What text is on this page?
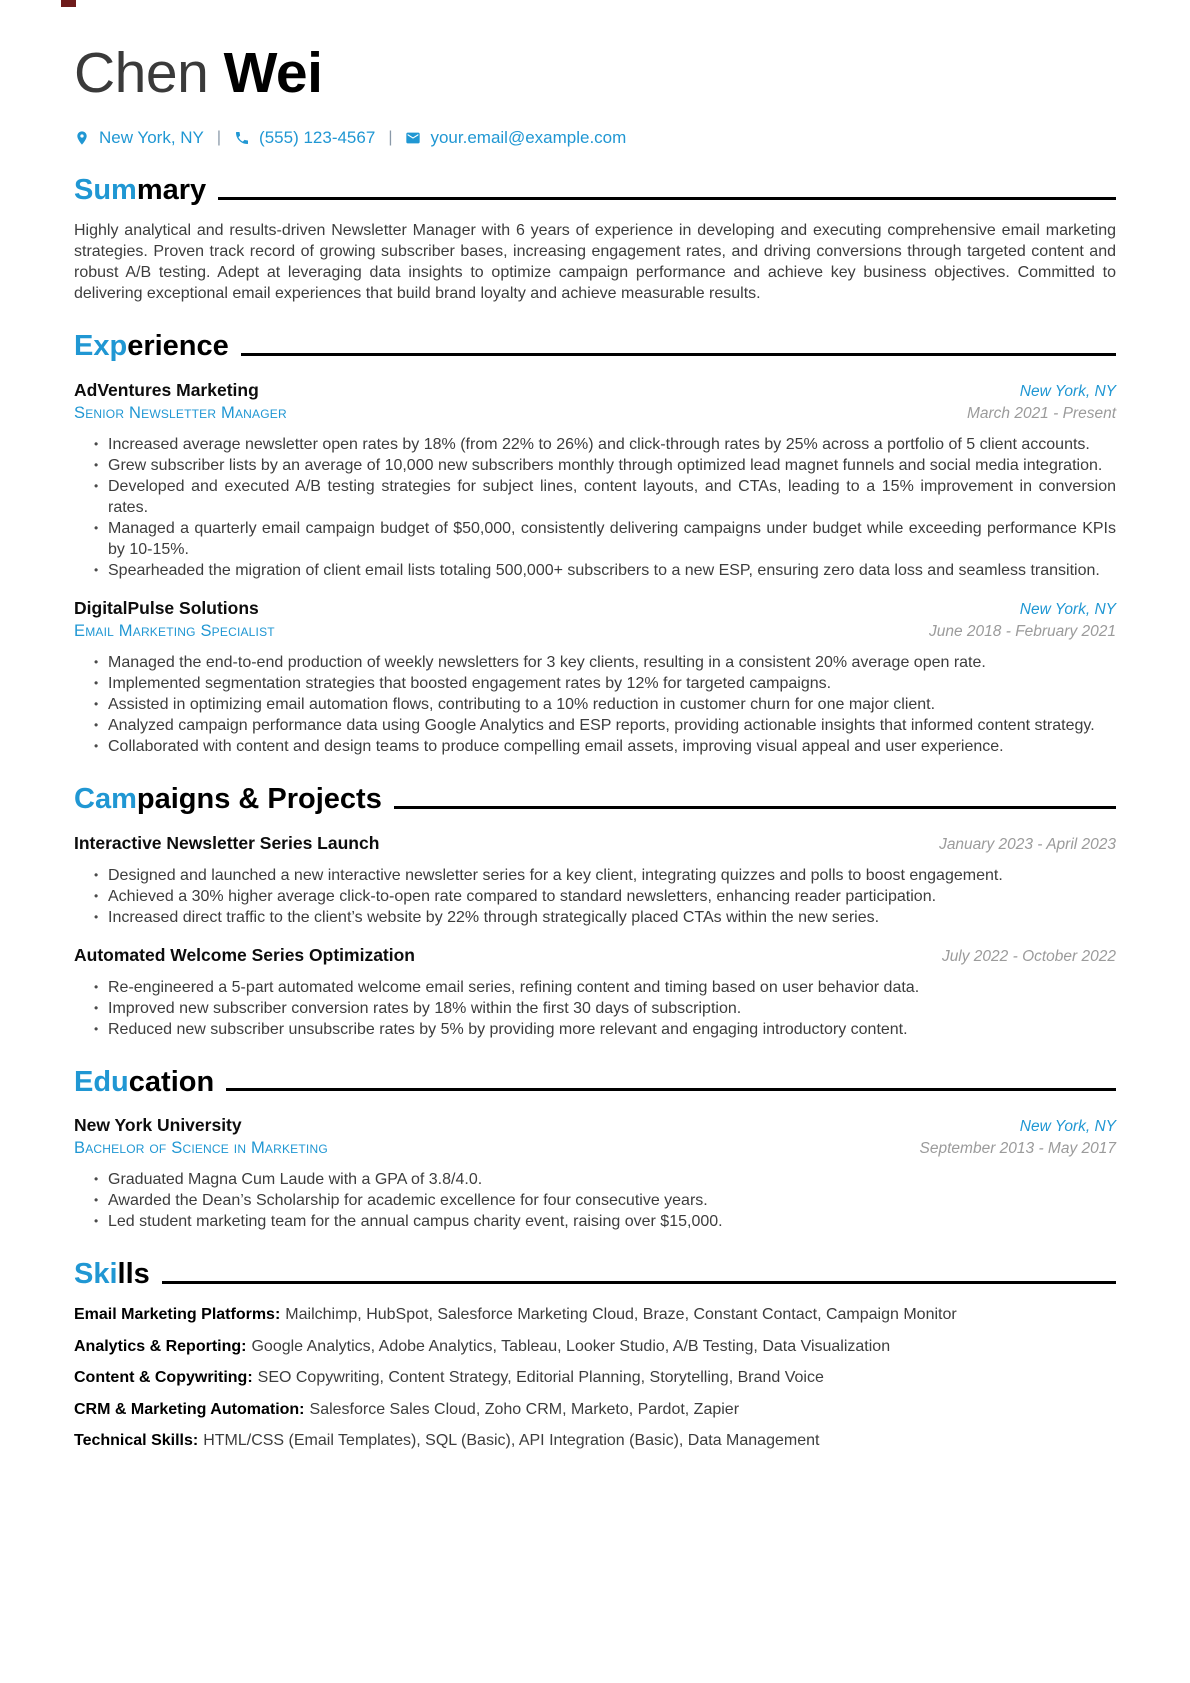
Chen Wei
New York, NY | (555) 123-4567 | your.email@example.com
Sum mary

Highly analytical and results-driven Newsletter Manager with 6 years of experience in developing and executing comprehensive email marketing strategies. Proven track record of growing subscriber bases, increasing engagement rates, and driving conversions through targeted content and robust A/B testing. Adept at leveraging data insights to optimize campaign performance and achieve key business objectives. Committed to delivering exceptional email experiences that build brand loyalty and achieve measurable results.

Exp erience
AdVentures Marketing	New York, NY
Senior Newsletter Manager	March 2021 - Present
• Increased average newsletter open rates by 18% (from 22% to 26%) and click-through rates by 25% across a portfolio of 5 client accounts.
• Grew subscriber lists by an average of 10,000 new subscribers monthly through optimized lead magnet funnels and social media integration.
• Developed and executed A/B testing strategies for subject lines, content layouts, and CTAs, leading to a 15% improvement in conversion rates.
• Managed a quarterly email campaign budget of $50,000, consistently delivering campaigns under budget while exceeding performance KPIs by 10-15%.
• Spearheaded the migration of client email lists totaling 500,000+ subscribers to a new ESP, ensuring zero data loss and seamless transition.
DigitalPulse Solutions	New York, NY
Email Marketing Specialist	June 2018 - February 2021
• Managed the end-to-end production of weekly newsletters for 3 key clients, resulting in a consistent 20% average open rate.
• Implemented segmentation strategies that boosted engagement rates by 12% for targeted campaigns.
• Assisted in optimizing email automation flows, contributing to a 10% reduction in customer churn for one major client.
• Analyzed campaign performance data using Google Analytics and ESP reports, providing actionable insights that informed content strategy.
• Collaborated with content and design teams to produce compelling email assets, improving visual appeal and user experience.
Cam paigns & Projects
Interactive Newsletter Series Launch	January 2023 - April 2023
• Designed and launched a new interactive newsletter series for a key client, integrating quizzes and polls to boost engagement.
• Achieved a 30% higher average click-to-open rate compared to standard newsletters, enhancing reader participation.
• Increased direct traffic to the client’s website by 22% through strategically placed CTAs within the new series.
Automated Welcome Series Optimization	July 2022 - October 2022
• Re-engineered a 5-part automated welcome email series, refining content and timing based on user behavior data.
• Improved new subscriber conversion rates by 18% within the first 30 days of subscription.
• Reduced new subscriber unsubscribe rates by 5% by providing more relevant and engaging introductory content.
Edu cation
New York University	New York, NY
Bachelor of Science in Marketing	September 2013 - May 2017
• Graduated Magna Cum Laude with a GPA of 3.8/4.0.
• Awarded the Dean’s Scholarship for academic excellence for four consecutive years.
• Led student marketing team for the annual campus charity event, raising over $15,000.
Ski lls

Email Marketing Platforms: Mailchimp, HubSpot, Salesforce Marketing Cloud, Braze, Constant Contact, Campaign Monitor

Analytics & Reporting: Google Analytics, Adobe Analytics, Tableau, Looker Studio, A/B Testing, Data Visualization

Content & Copywriting: SEO Copywriting, Content Strategy, Editorial Planning, Storytelling, Brand Voice

CRM & Marketing Automation: Salesforce Sales Cloud, Zoho CRM, Marketo, Pardot, Zapier

Technical Skills: HTML/CSS (Email Templates), SQL (Basic), API Integration (Basic), Data Management
